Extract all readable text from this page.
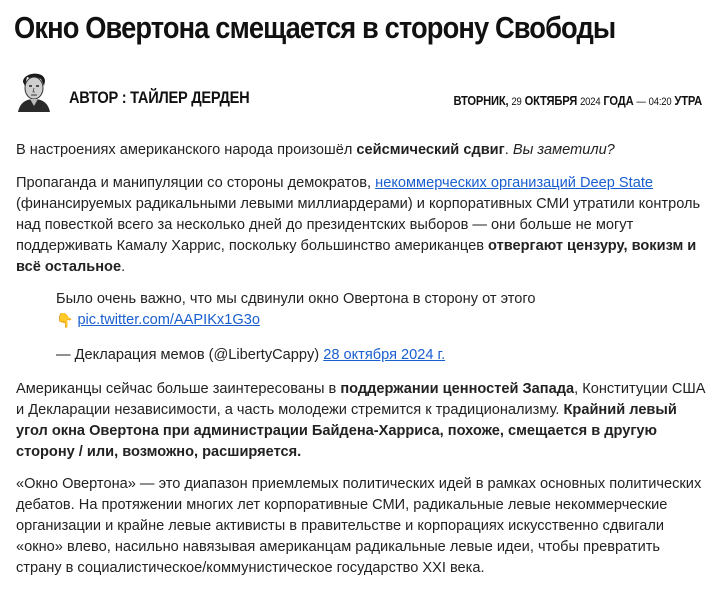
Окно Овертона смещается в сторону Свободы
АВТОР : ТАЙЛЕР ДЕРДЕН	ВТОРНИК, 29 ОКТЯБРЯ 2024 ГОДА — 04:20 УТРА

В настроениях американского народа произошёл сейсмический сдвиг. Вы заметили?

Пропаганда и манипуляции со стороны демократов, некоммерческих организаций Deep State (финансируемых радикальными левыми миллиардерами) и корпоративных СМИ утратили контроль над повесткой всего за несколько дней до президентских выборов — они больше не могут поддерживать Камалу Харрис, поскольку большинство американцев отвергают цензуру, вокизм и всё остальное.

Было очень важно, что мы сдвинули окно Овертона в сторону от этого

👇 pic.twitter.com/AAPIKx1G3o

— Декларация мемов (@LibertyCappy) 28 октября 2024 г.

Американцы сейчас больше заинтересованы в поддержании ценностей Запада, Конституции США и Декларации независимости, а часть молодежи стремится к традиционализму. Крайний левый угол окна Овертона при администрации Байдена-Харриса, похоже, смещается в другую сторону / или, возможно, расширяется.

«Окно Овертона» — это диапазон приемлемых политических идей в рамках основных политических дебатов. На протяжении многих лет корпоративные СМИ, радикальные левые некоммерческие организации и крайне левые активисты в правительстве и корпорациях искусственно сдвигали «окно» влево, насильно навязывая американцам радикальные левые идеи, чтобы превратить страну в социалистическое/коммунистическое государство XXI века.
